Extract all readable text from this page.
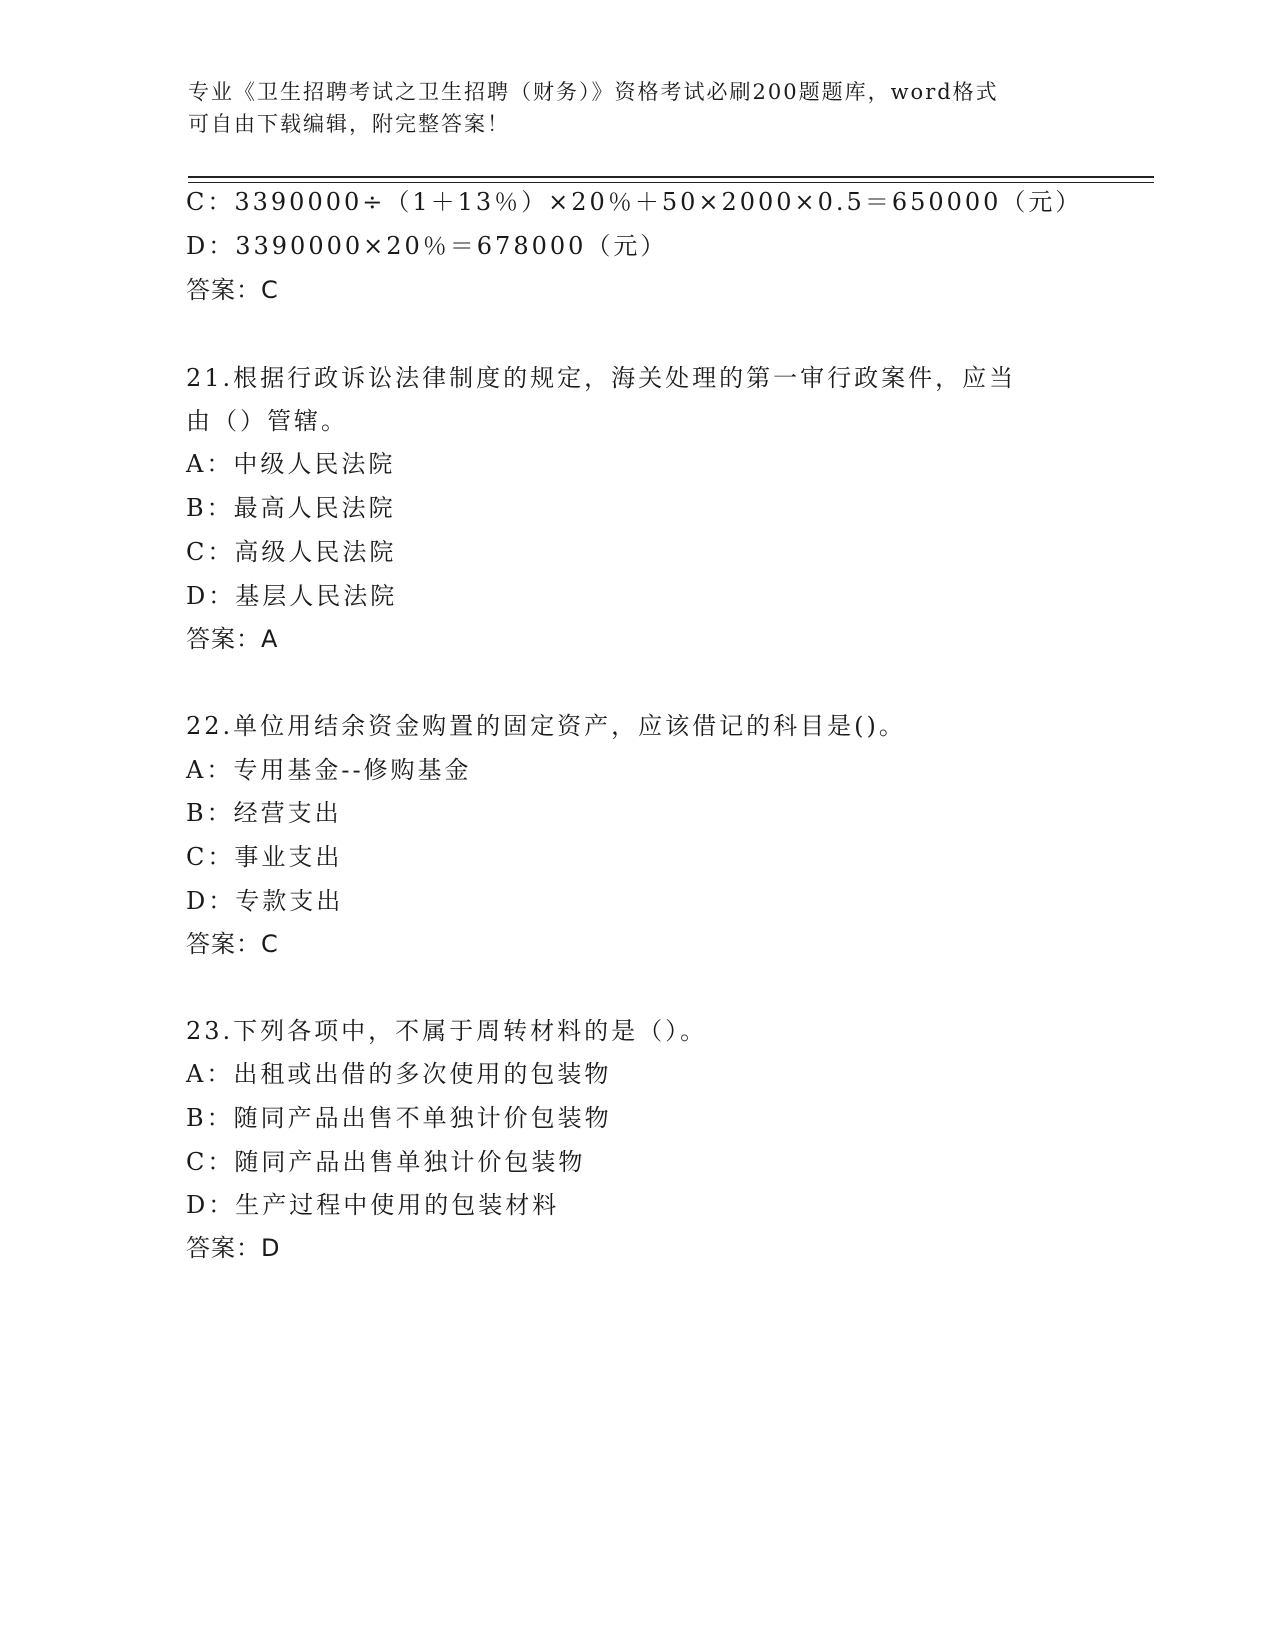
专业《卫生招聘考试之卫生招聘（财务）》资格考试必刷200题题库，word格式
可自由下载编辑，附完整答案！
C：3390000÷（1＋13％）×20％＋50×2000×0.5＝650000（元）
D：3390000×20％＝678000（元）
答案：C
21.根据行政诉讼法律制度的规定，海关处理的第一审行政案件，应当
由（）管辖。
A：中级人民法院
B：最高人民法院
C：高级人民法院
D：基层人民法院
答案：A
22.单位用结余资金购置的固定资产，应该借记的科目是()。
A：专用基金--修购基金
B：经营支出
C：事业支出
D：专款支出
答案：C
23.下列各项中，不属于周转材料的是（）。
A：出租或出借的多次使用的包装物
B：随同产品出售不单独计价包装物
C：随同产品出售单独计价包装物
D：生产过程中使用的包装材料
答案：D
